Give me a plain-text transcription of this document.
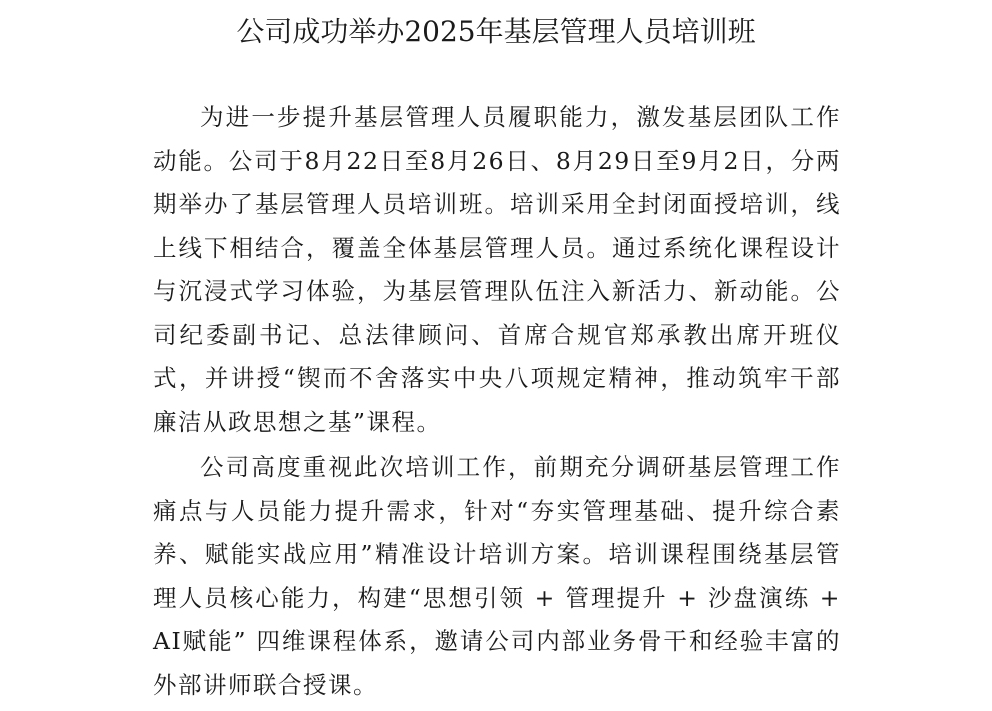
公司成功举办2025年基层管理人员培训班

为进一步提升基层管理人员履职能力，激发基层团队工作动能。公司于8月22日至8月26日、8月29日至9月2日，分两期举办了基层管理人员培训班。培训采用全封闭面授培训，线上线下相结合，覆盖全体基层管理人员。通过系统化课程设计与沉浸式学习体验，为基层管理队伍注入新活力、新动能。公司纪委副书记、总法律顾问、首席合规官郑承教出席开班仪式，并讲授“锲而不舍落实中央八项规定精神，推动筑牢干部廉洁从政思想之基”课程。

公司高度重视此次培训工作，前期充分调研基层管理工作痛点与人员能力提升需求，针对“夯实管理基础、提升综合素养、赋能实战应用”精准设计培训方案。培训课程围绕基层管理人员核心能力，构建“思想引领 + 管理提升 + 沙盘演练 +AI赋能” 四维课程体系，邀请公司内部业务骨干和经验丰富的外部讲师联合授课。
